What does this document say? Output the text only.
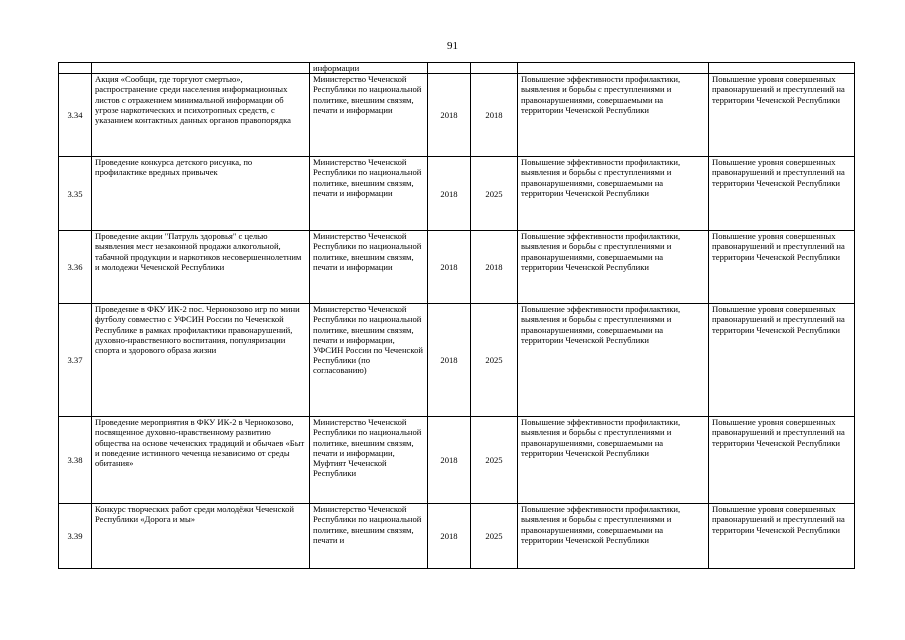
91
		информации				
3.34	Акция «Сообщи, где торгуют смертью», распространение среди населения информационных листов с отражением минимальной информации об угрозе наркотических и психотропных средств, с указанием контактных данных органов правопорядка	Министерство Чеченской Республики по национальной политике, внешним связям, печати и информации	2018	2018	Повышение эффективности профилактики, выявления и борьбы с преступлениями и правонарушениями, совершаемыми на территории Чеченской Республики	Повышение уровня совершенных правонарушений и преступлений на территории Чеченской Республики
3.35	Проведение конкурса детского рисунка, по профилактике вредных привычек	Министерство Чеченской Республики по национальной политике, внешним связям, печати и информации	2018	2025	Повышение эффективности профилактики, выявления и борьбы с преступлениями и правонарушениями, совершаемыми на территории Чеченской Республики	Повышение уровня совершенных правонарушений и преступлений на территории Чеченской Республики
3.36	Проведение акции "Патруль здоровья" с целью выявления мест незаконной продажи алкогольной, табачной продукции и наркотиков несовершеннолетним и молодежи Чеченской Республики	Министерство Чеченской Республики по национальной политике, внешним связям, печати и информации	2018	2018	Повышение эффективности профилактики, выявления и борьбы с преступлениями и правонарушениями, совершаемыми на территории Чеченской Республики	Повышение уровня совершенных правонарушений и преступлений на территории Чеченской Республики
3.37	Проведение в ФКУ ИК-2 пос. Чернокозово игр по мини футболу совместно с УФСИН России по Чеченской Республике в рамках профилактики правонарушений, духовно-нравственного воспитания, популяризации спорта и здорового образа жизни	Министерство Чеченской Республики по национальной политике, внешним связям, печати и информации, УФСИН России по Чеченской Республики (по согласованию)	2018	2025	Повышение эффективности профилактики, выявления и борьбы с преступлениями и правонарушениями, совершаемыми на территории Чеченской Республики	Повышение уровня совершенных правонарушений и преступлений на территории Чеченской Республики
3.38	Проведение мероприятия в ФКУ ИК-2 в Чернокозово, посвященное духовно-нравственному развитию общества на основе чеченских традиций и обычаев «Быт и поведение истинного чеченца независимо от среды обитания»	Министерство Чеченской Республики по национальной политике, внешним связям, печати и информации, Муфтият Чеченской Республики	2018	2025	Повышение эффективности профилактики, выявления и борьбы с преступлениями и правонарушениями, совершаемыми на территории Чеченской Республики	Повышение уровня совершенных правонарушений и преступлений на территории Чеченской Республики
3.39	Конкурс творческих работ среди молодёжи Чеченской Республики «Дорога и мы»	Министерство Чеченской Республики по национальной политике, внешним связям, печати и	2018	2025	Повышение эффективности профилактики, выявления и борьбы с преступлениями и правонарушениями, совершаемыми на территории Чеченской Республики	Повышение уровня совершенных правонарушений и преступлений на территории Чеченской Республики
